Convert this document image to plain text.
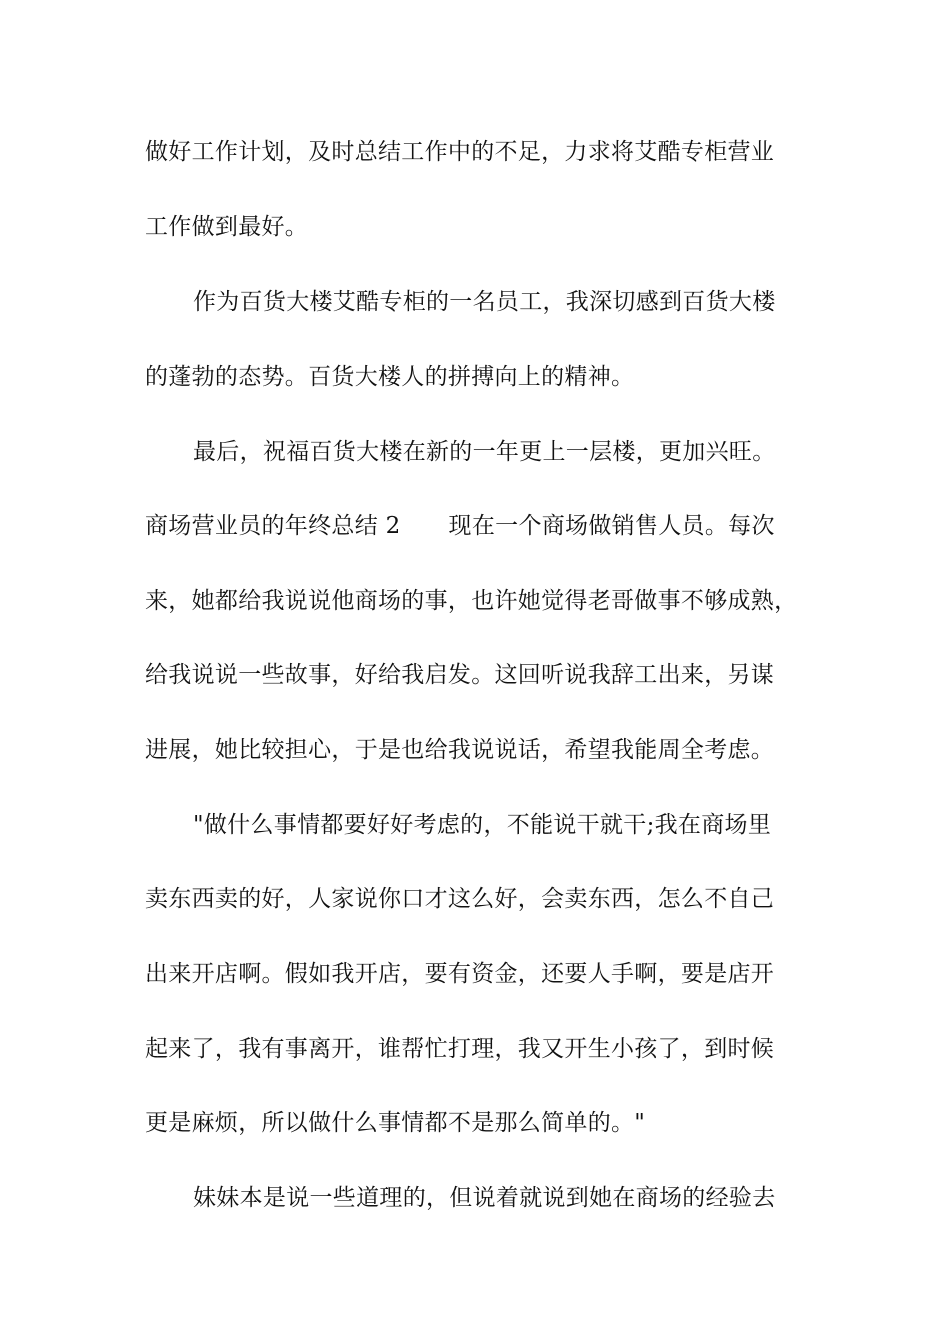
做好工作计划，及时总结工作中的不足，力求将艾酷专柜营业
工作做到最好。
作为百货大楼艾酷专柜的一名员工，我深切感到百货大楼
的蓬勃的态势。百货大楼人的拼搏向上的精神。
最后，祝福百货大楼在新的一年更上一层楼，更加兴旺。
商场营业员的年终总结 2 现在一个商场做销售人员。每次
来，她都给我说说他商场的事，也许她觉得老哥做事不够成熟，
给我说说一些故事，好给我启发。这回听说我辞工出来，另谋
进展，她比较担心，于是也给我说说话，希望我能周全考虑。
"做什么事情都要好好考虑的，不能说干就干;我在商场里
卖东西卖的好，人家说你口才这么好，会卖东西，怎么不自己
出来开店啊。假如我开店，要有资金，还要人手啊，要是店开
起来了，我有事离开，谁帮忙打理，我又开生小孩了，到时候
更是麻烦，所以做什么事情都不是那么简单的。"
妹妹本是说一些道理的，但说着就说到她在商场的经验去
